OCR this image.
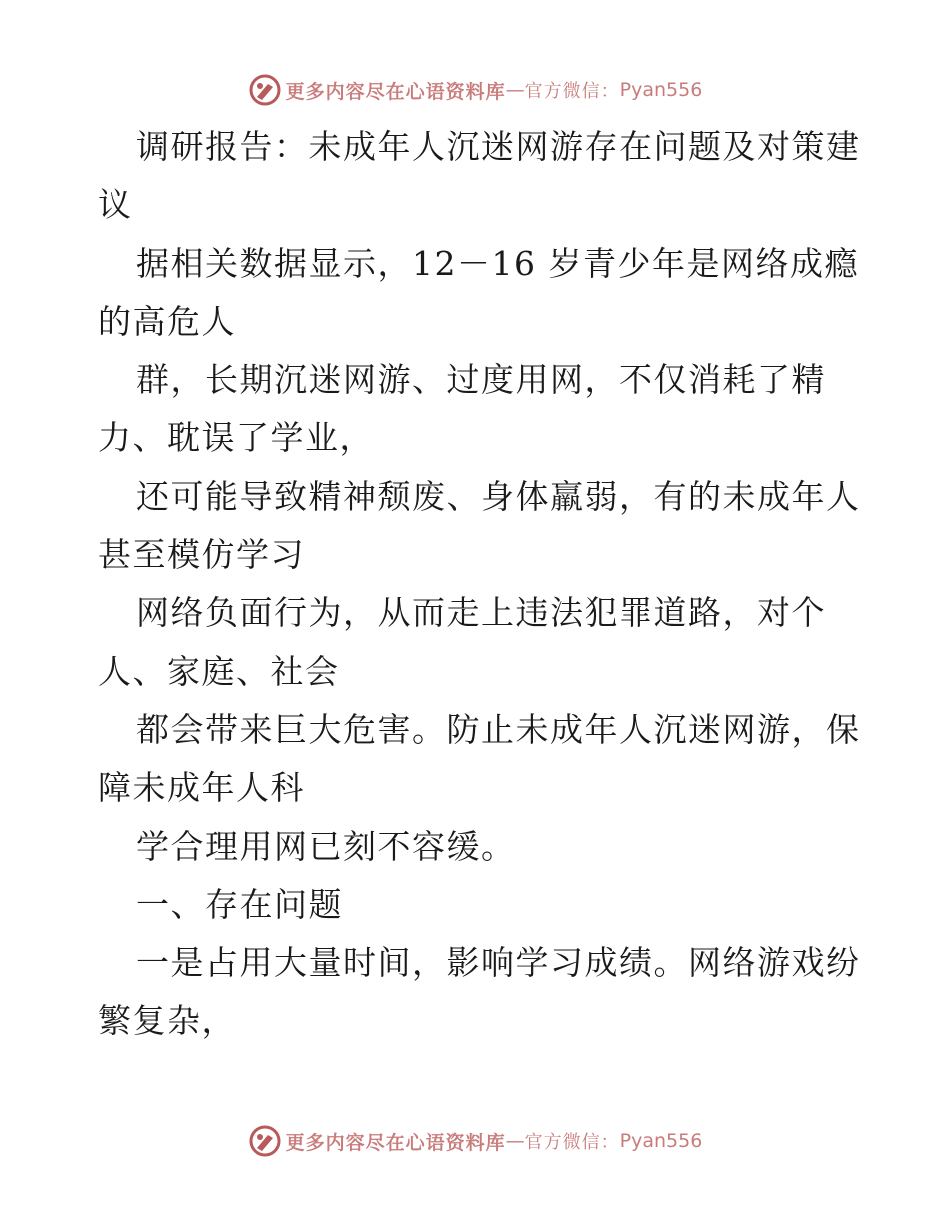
更多内容尽在心语资料库 — 官方微信： Pyan556
调研报告：未成年人沉迷网游存在问题及对策建
议
据相关数据显示，12－16 岁青少年是网络成瘾
的高危人
群，长期沉迷网游、过度用网，不仅消耗了精
力、耽误了学业，
还可能导致精神颓废、身体羸弱，有的未成年人
甚至模仿学习
网络负面行为，从而走上违法犯罪道路，对个
人、家庭、社会
都会带来巨大危害。防止未成年人沉迷网游，保
障未成年人科
学合理用网已刻不容缓。
一、存在问题
一是占用大量时间，影响学习成绩。网络游戏纷
繁复杂，
更多内容尽在心语资料库 — 官方微信： Pyan556
